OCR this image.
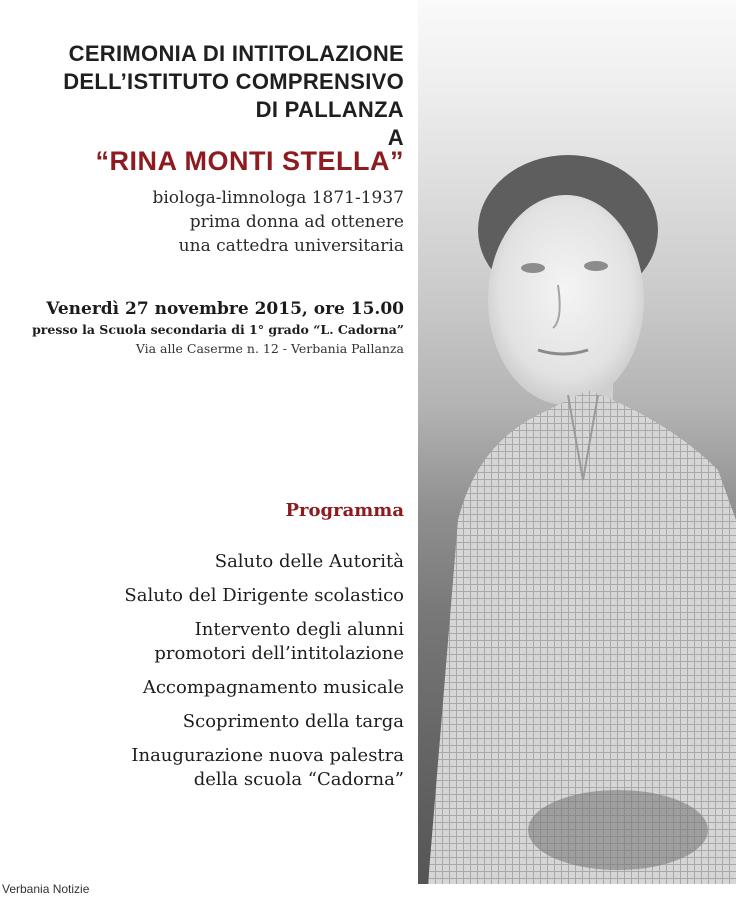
CERIMONIA DI INTITOLAZIONE
DELL’ISTITUTO COMPRENSIVO
DI PALLANZA
A
“RINA MONTI STELLA”
biologa-limnologa 1871-1937
prima donna ad ottenere
una cattedra universitaria
Venerdì 27 novembre 2015, ore 15.00
presso la Scuola secondaria di 1° grado “L. Cadorna”
Via alle Caserme n. 12 - Verbania Pallanza
Programma
Saluto delle Autorità
Saluto del Dirigente scolastico
Intervento degli alunni
promotori dell’intitolazione
Accompagnamento musicale
Scoprimento della targa
Inaugurazione nuova palestra
della scuola “Cadorna”
Verbania Notizie
